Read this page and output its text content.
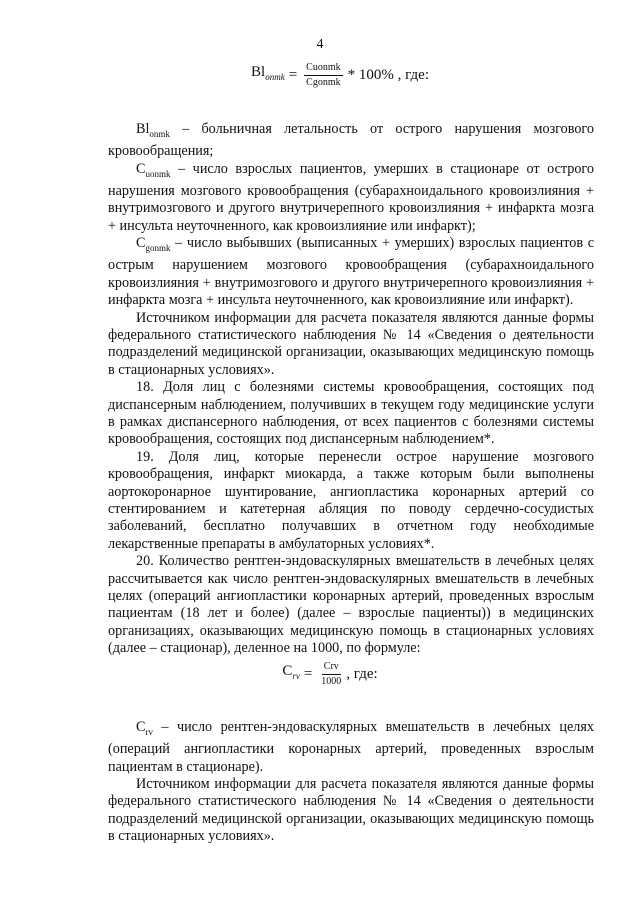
4
$Bl_{onmk} = \frac{\text{Cuonmk}}{\text{Cgonmk}} * 100\%$ , где:
$Bl_{onmk}$ – больничная летальность от острого нарушения мозгового кровообращения;
$C_{uonmk}$ – число взрослых пациентов, умерших в стационаре от острого нарушения мозгового кровообращения (субарахноидального кровоизлияния + внутримозгового и другого внутричерепного кровоизлияния + инфаркта мозга + инсульта неуточненного, как кровоизлияние или инфаркт);
$C_{gonmk}$ – число выбывших (выписанных + умерших) взрослых пациентов с острым нарушением мозгового кровообращения (субарахноидального кровоизлияния + внутримозгового и другого внутричерепного кровоизлияния + инфаркта мозга + инсульта неуточненного, как кровоизлияние или инфаркт).
Источником информации для расчета показателя являются данные формы федерального статистического наблюдения № 14 «Сведения о деятельности подразделений медицинской организации, оказывающих медицинскую помощь в стационарных условиях».
18. Доля лиц с болезнями системы кровообращения, состоящих под диспансерным наблюдением, получивших в текущем году медицинские услуги в рамках диспансерного наблюдения, от всех пациентов с болезнями системы кровообращения, состоящих под диспансерным наблюдением*.
19. Доля лиц, которые перенесли острое нарушение мозгового кровообращения, инфаркт миокарда, а также которым были выполнены аортокоронарное шунтирование, ангиопластика коронарных артерий со стентированием и катетерная абляция по поводу сердечно-сосудистых заболеваний, бесплатно получавших в отчетном году необходимые лекарственные препараты в амбулаторных условиях*.
20. Количество рентген-эндоваскулярных вмешательств в лечебных целях рассчитывается как число рентген-эндоваскулярных вмешательств в лечебных целях (операций ангиопластики коронарных артерий, проведенных взрослым пациентам (18 лет и более) (далее – взрослые пациенты)) в медицинских организациях, оказывающих медицинскую помощь в стационарных условиях (далее – стационар), деленное на 1000, по формуле:
$C_{rv} = \frac{\text{Crv}}{1000}$ , где:
$C_{rv}$ – число рентген-эндоваскулярных вмешательств в лечебных целях (операций ангиопластики коронарных артерий, проведенных взрослым пациентам в стационаре).
Источником информации для расчета показателя являются данные формы федерального статистического наблюдения № 14 «Сведения о деятельности подразделений медицинской организации, оказывающих медицинскую помощь в стационарных условиях».
